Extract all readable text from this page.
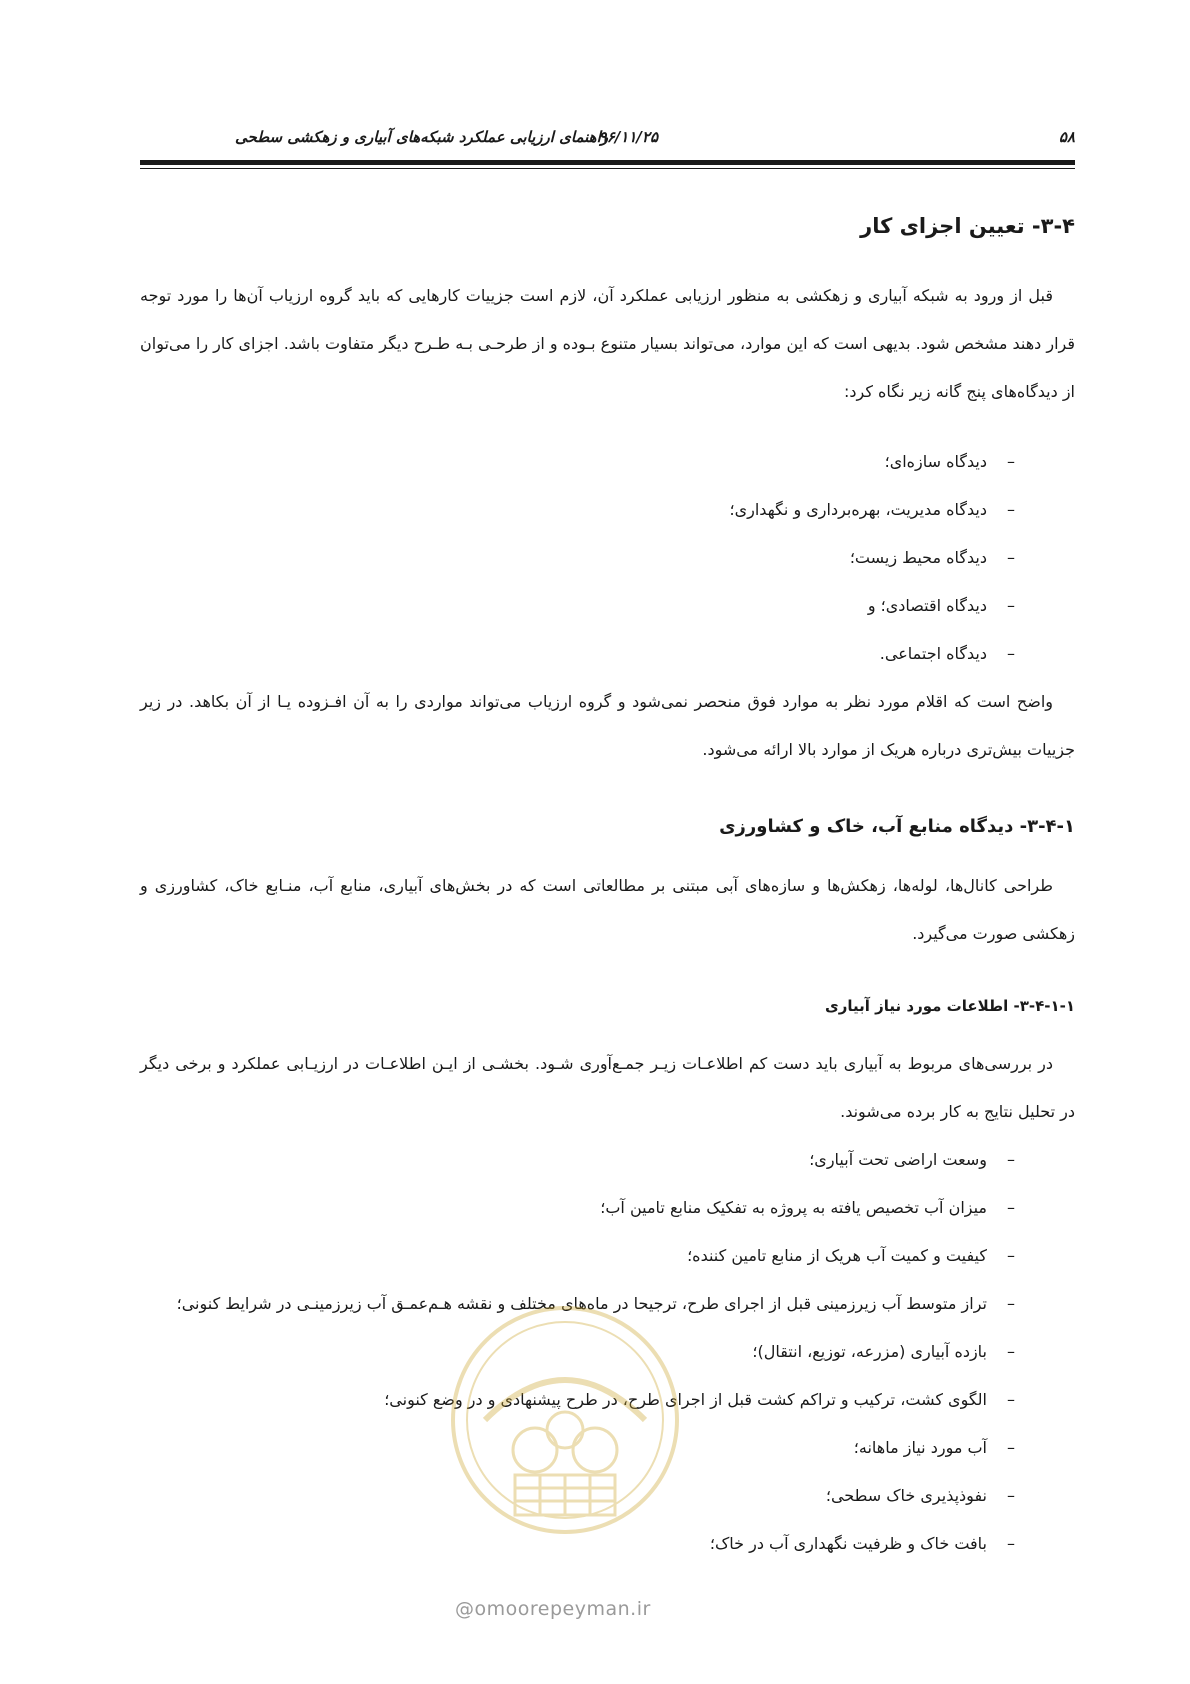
۵۸
۹۶/۱۱/۲۵
راهنمای ارزیابی عملکرد شبکه‌های آبیاری و زهکشی سطحی
۳-۴- تعیین اجزای کار

قبل از ورود به شبکه آبیاری و زهکشی به منظور ارزیابی عملکرد آن، لازم است جزییات کارهایی که باید گروه ارزیاب آن‌ها را مورد توجه قرار دهند مشخص شود. بدیهی است که این موارد، می‌تواند بسیار متنوع بـوده و از طرحـی بـه طـرح دیگر متفاوت باشد. اجزای کار را می‌توان از دیدگاه‌های پنج گانه زیر نگاه کرد:

–
دیدگاه سازه‌ای؛
–
دیدگاه مدیریت، بهره‌برداری و نگهداری؛
–
دیدگاه محیط زیست؛
–
دیدگاه اقتصادی؛ و
–
دیدگاه اجتماعی.

واضح است که اقلام مورد نظر به موارد فوق منحصر نمی‌شود و گروه ارزیاب می‌تواند مواردی را به آن افـزوده یـا از آن بکاهد. در زیر جزییات بیش‌تری درباره هریک از موارد بالا ارائه می‌شود.

۳-۴-۱- دیدگاه منابع آب، خاک و کشاورزی

طراحی کانال‌ها، لوله‌ها، زهکش‌ها و سازه‌های آبی مبتنی بر مطالعاتی است که در بخش‌های آبیاری، منابع آب، منـابع خاک، کشاورزی و زهکشی صورت می‌گیرد.

۳-۴-۱-۱- اطلاعات مورد نیاز آبیاری

در بررسی‌های مربوط به آبیاری باید دست کم اطلاعـات زیـر جمـع‌آوری شـود. بخشـی از ایـن اطلاعـات در ارزیـابی عملکرد و برخی دیگر در تحلیل نتایج به کار برده می‌شوند.

–
وسعت اراضی تحت آبیاری؛
–
میزان آب تخصیص یافته به پروژه به تفکیک منابع تامین آب؛
–
کیفیت و کمیت آب هریک از منابع تامین کننده؛
–
تراز متوسط آب زیرزمینی قبل از اجرای طرح، ترجیحا در ماه‌های مختلف و نقشه هـم‌عمـق آب زیرزمینـی در شرایط کنونی؛
–
بازده آبیاری (مزرعه، توزیع، انتقال)؛
–
الگوی کشت، ترکیب و تراکم کشت قبل از اجرای طرح، در طرح پیشنهادی و در وضع کنونی؛
–
آب مورد نیاز ماهانه؛
–
نفوذپذیری خاک سطحی؛
–
بافت خاک و ظرفیت نگهداری آب در خاک؛
@omoorepeyman.ir
